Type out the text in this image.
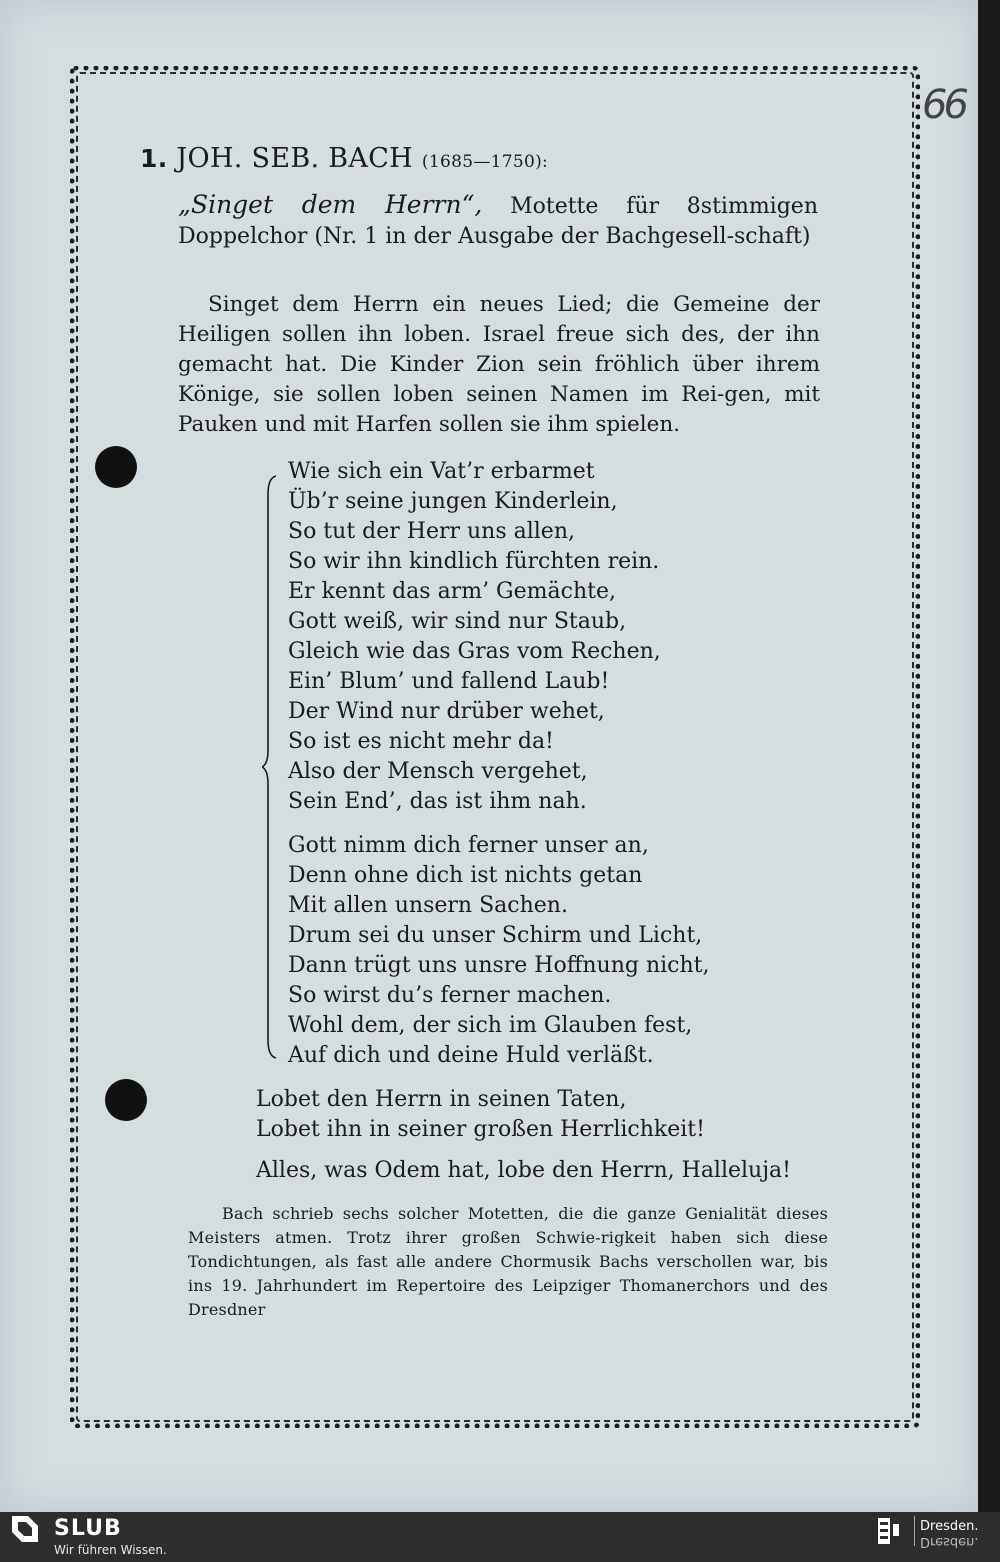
66
1. JOH. SEB. BACH (1685—1750):
„Singet dem Herrn“, Motette für 8stimmigen Doppelchor (Nr. 1 in der Ausgabe der Bachgesell-schaft)
Singet dem Herrn ein neues Lied; die Gemeine der Heiligen sollen ihn loben. Israel freue sich des, der ihn gemacht hat. Die Kinder Zion sein fröhlich über ihrem Könige, sie sollen loben seinen Namen im Rei-gen, mit Pauken und mit Harfen sollen sie ihm spielen.
Wie sich ein Vat’r erbarmet
Üb’r seine jungen Kinderlein,
So tut der Herr uns allen,
So wir ihn kindlich fürchten rein.
Er kennt das arm’ Gemächte,
Gott weiß, wir sind nur Staub,
Gleich wie das Gras vom Rechen,
Ein’ Blum’ und fallend Laub!
Der Wind nur drüber wehet,
So ist es nicht mehr da!
Also der Mensch vergehet,
Sein End’, das ist ihm nah.
Gott nimm dich ferner unser an,
Denn ohne dich ist nichts getan
Mit allen unsern Sachen.
Drum sei du unser Schirm und Licht,
Dann trügt uns unsre Hoffnung nicht,
So wirst du’s ferner machen.
Wohl dem, der sich im Glauben fest,
Auf dich und deine Huld verläßt.
Lobet den Herrn in seinen Taten,
Lobet ihn in seiner großen Herrlichkeit!
Alles, was Odem hat, lobe den Herrn, Halleluja!
Bach schrieb sechs solcher Motetten, die die ganze Genialität dieses Meisters atmen. Trotz ihrer großen Schwie-rigkeit haben sich diese Tondichtungen, als fast alle andere Chormusik Bachs verschollen war, bis ins 19. Jahrhundert im Repertoire des Leipziger Thomanerchors und des Dresdner
SLUB
Wir führen Wissen.
Dresden.
Dresden.
